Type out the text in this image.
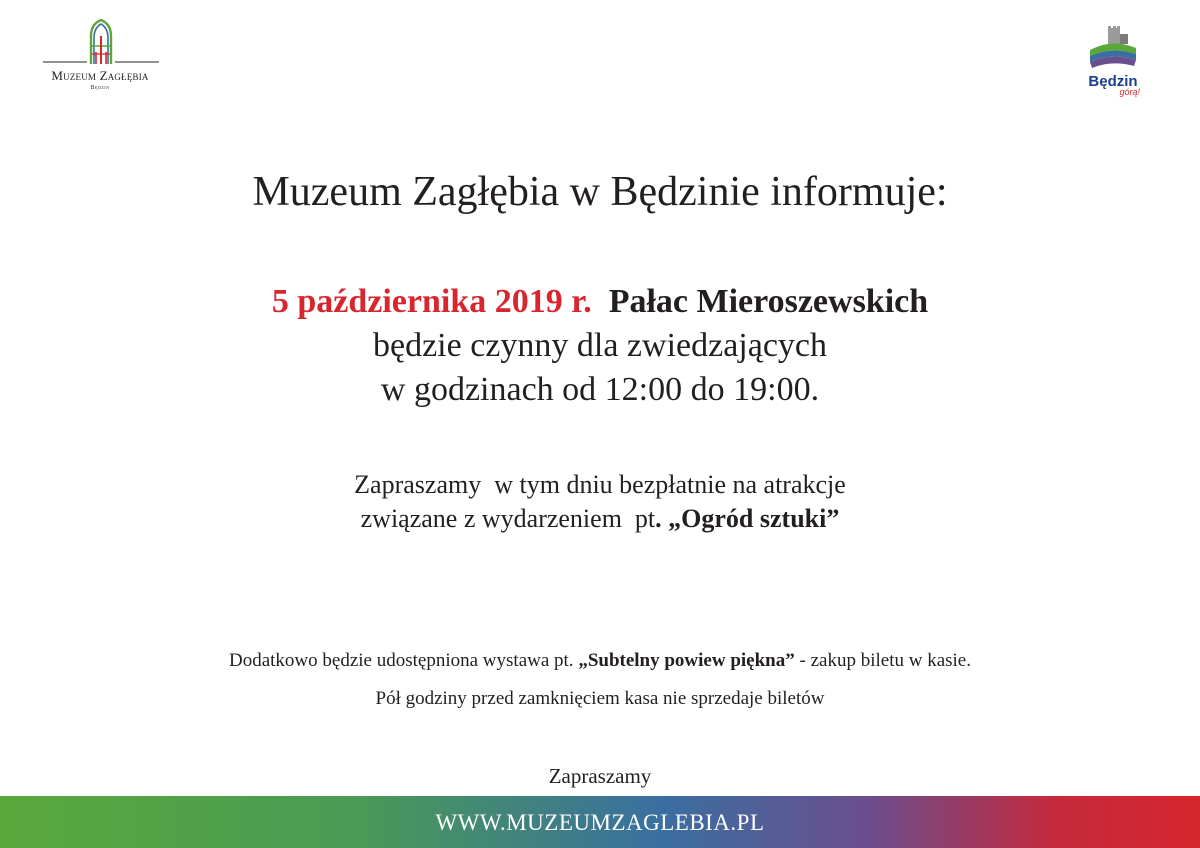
Muzeum Zagłębia
Będzin	Będzin
górą!
Muzeum Zagłębia w Będzinie informuje:
5 października 2019 r. Pałac Mieroszewskich
będzie czynny dla zwiedzających
w godzinach od 12:00 do 19:00.
Zapraszamy  w tym dniu bezpłatnie na atrakcje
związane z wydarzeniem  pt. „Ogród sztuki”
Dodatkowo będzie udostępniona wystawa pt. „Subtelny powiew piękna” - zakup biletu w kasie.
Pół godziny przed zamknięciem kasa nie sprzedaje biletów
Zapraszamy
WWW.MUZEUMZAGLEBIA.PL
